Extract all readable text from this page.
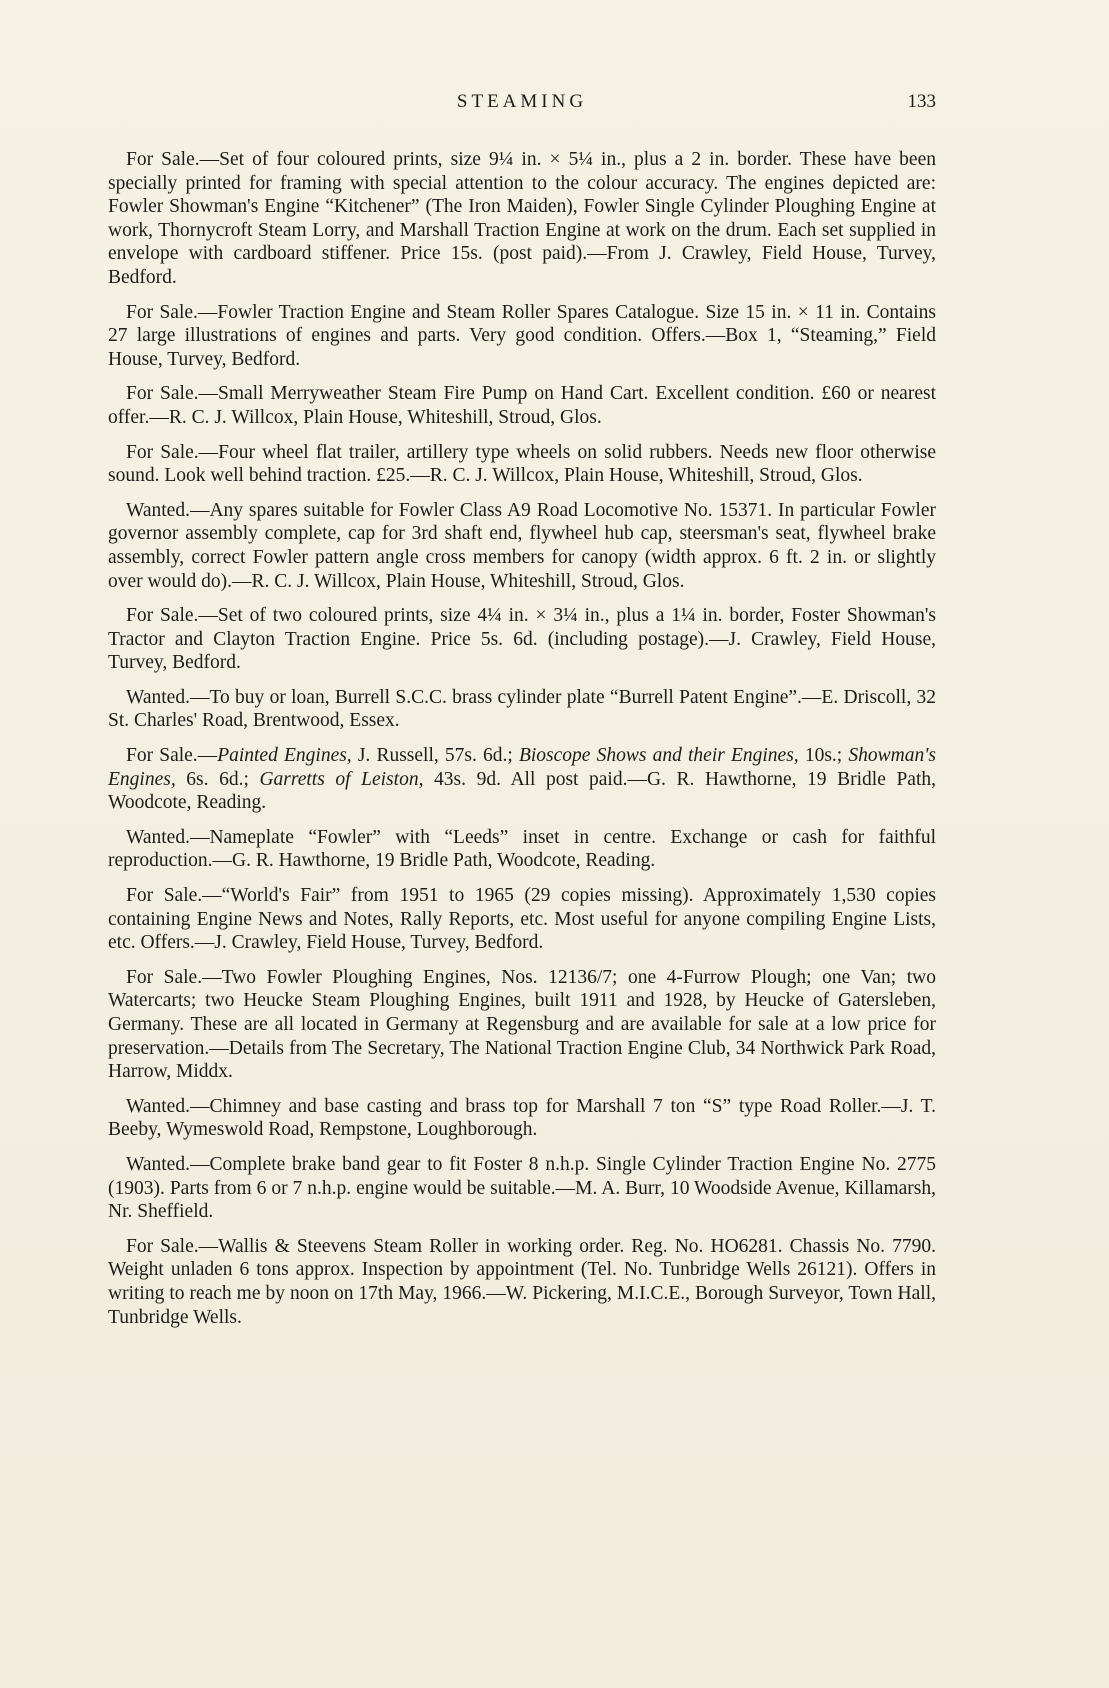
STEAMING	133

For Sale.—Set of four coloured prints, size 9¼ in. × 5¼ in., plus a 2 in. border. These have been specially printed for framing with special attention to the colour accuracy. The engines depicted are: Fowler Showman's Engine “Kitchener” (The Iron Maiden), Fowler Single Cylinder Ploughing Engine at work, Thornycroft Steam Lorry, and Marshall Traction Engine at work on the drum. Each set supplied in envelope with cardboard stiffener. Price 15s. (post paid).—From J. Crawley, Field House, Turvey, Bedford.

For Sale.—Fowler Traction Engine and Steam Roller Spares Catalogue. Size 15 in. × 11 in. Contains 27 large illustrations of engines and parts. Very good condition. Offers.—Box 1, “Steaming,” Field House, Turvey, Bedford.

For Sale.—Small Merryweather Steam Fire Pump on Hand Cart. Excellent condition. £60 or nearest offer.—R. C. J. Willcox, Plain House, Whiteshill, Stroud, Glos.

For Sale.—Four wheel flat trailer, artillery type wheels on solid rubbers. Needs new floor otherwise sound. Look well behind traction. £25.—R. C. J. Willcox, Plain House, Whiteshill, Stroud, Glos.

Wanted.—Any spares suitable for Fowler Class A9 Road Locomotive No. 15371. In particular Fowler governor assembly complete, cap for 3rd shaft end, flywheel hub cap, steersman's seat, flywheel brake assembly, correct Fowler pattern angle cross members for canopy (width approx. 6 ft. 2 in. or slightly over would do).—R. C. J. Willcox, Plain House, Whiteshill, Stroud, Glos.

For Sale.—Set of two coloured prints, size 4¼ in. × 3¼ in., plus a 1¼ in. border, Foster Showman's Tractor and Clayton Traction Engine. Price 5s. 6d. (including postage).—J. Crawley, Field House, Turvey, Bedford.

Wanted.—To buy or loan, Burrell S.C.C. brass cylinder plate “Burrell Patent Engine”.—E. Driscoll, 32 St. Charles' Road, Brentwood, Essex.

For Sale.—Painted Engines, J. Russell, 57s. 6d.; Bioscope Shows and their Engines, 10s.; Showman's Engines, 6s. 6d.; Garretts of Leiston, 43s. 9d. All post paid.—G. R. Hawthorne, 19 Bridle Path, Woodcote, Reading.

Wanted.—Nameplate “Fowler” with “Leeds” inset in centre. Exchange or cash for faithful reproduction.—G. R. Hawthorne, 19 Bridle Path, Woodcote, Reading.

For Sale.—“World's Fair” from 1951 to 1965 (29 copies missing). Approximately 1,530 copies containing Engine News and Notes, Rally Reports, etc. Most useful for anyone compiling Engine Lists, etc. Offers.—J. Crawley, Field House, Turvey, Bedford.

For Sale.—Two Fowler Ploughing Engines, Nos. 12136/7; one 4-Furrow Plough; one Van; two Watercarts; two Heucke Steam Ploughing Engines, built 1911 and 1928, by Heucke of Gatersleben, Germany. These are all located in Germany at Regensburg and are available for sale at a low price for preservation.—Details from The Secretary, The National Traction Engine Club, 34 Northwick Park Road, Harrow, Middx.

Wanted.—Chimney and base casting and brass top for Marshall 7 ton “S” type Road Roller.—J. T. Beeby, Wymeswold Road, Rempstone, Loughborough.

Wanted.—Complete brake band gear to fit Foster 8 n.h.p. Single Cylinder Traction Engine No. 2775 (1903). Parts from 6 or 7 n.h.p. engine would be suitable.—M. A. Burr, 10 Woodside Avenue, Killamarsh, Nr. Sheffield.

For Sale.—Wallis & Steevens Steam Roller in working order. Reg. No. HO6281. Chassis No. 7790. Weight unladen 6 tons approx. Inspection by appointment (Tel. No. Tunbridge Wells 26121). Offers in writing to reach me by noon on 17th May, 1966.—W. Pickering, M.I.C.E., Borough Surveyor, Town Hall, Tunbridge Wells.
